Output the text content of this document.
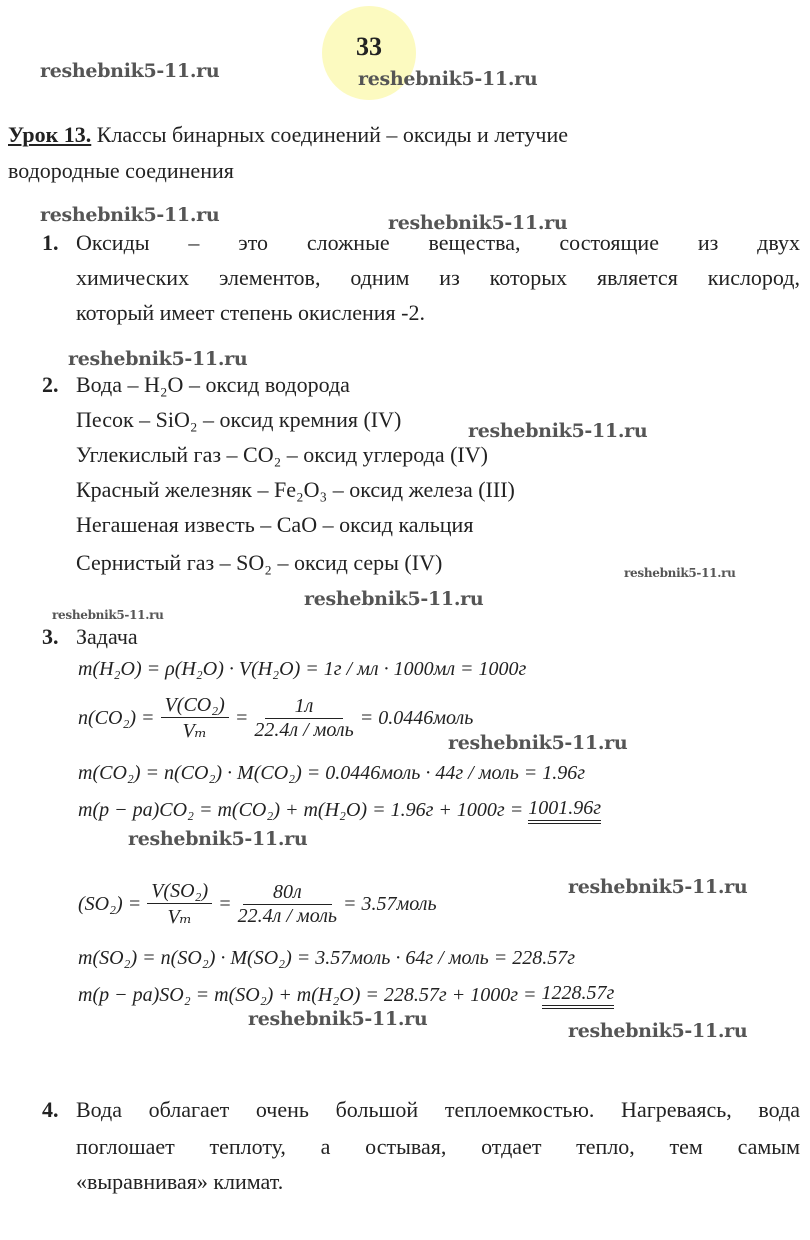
33
reshebnik5-11.ru	reshebnik5-11.ru
reshebnik5-11.ru	reshebnik5-11.ru
reshebnik5-11.ru
reshebnik5-11.ru
reshebnik5-11.ru
reshebnik5-11.ru
reshebnik5-11.ru
reshebnik5-11.ru
reshebnik5-11.ru
reshebnik5-11.ru
reshebnik5-11.ru
reshebnik5-11.ru
Урок 13. Классы бинарных соединений – оксиды и летучие
водородные соединения
1. Оксиды – это сложные вещества, состоящие из двух
химических элементов, одним из которых является кислород,
который имеет степень окисления -2.
2. Вода – H₂O – оксид водорода
Песок – SiO₂ – оксид кремния (IV)
Углекислый газ – CO₂ – оксид углерода (IV)
Красный железняк – Fe₂O₃ – оксид железа (III)
Негашеная известь – CaO – оксид кальция
Сернистый газ – SO₂ – оксид серы (IV)
3. Задача
m(H₂O) = ρ(H₂O) · V(H₂O) = 1г / мл · 1000мл = 1000г
$n(CO_2) = \frac{\text{V(CO₂)}}{\text{Vₘ}} = \frac{1л}{\text{22.4л / моль}}$ = 0.0446моль
m(CO₂) = n(CO₂) · M(CO₂) = 0.0446моль · 44г / моль = 1.96г
m(p − pa)CO₂ = m(CO₂) + m(H₂O) = 1.96г + 1000г =
1001.96г
$(SO_2) = \frac{\text{V(SO₂)}}{\text{Vₘ}} = \frac{80л}{\text{22.4л / моль}}$ = 3.57моль
m(SO₂) = n(SO₂) · M(SO₂) = 3.57моль · 64г / моль = 228.57г
m(p − pa)SO₂ = m(SO₂) + m(H₂O) = 228.57г + 1000г =
1228.57г
4. Вода облагает очень большой теплоемкостью. Нагреваясь, вода
поглошает теплоту, а остывая, отдает тепло, тем самым
«выравнивая» климат.
